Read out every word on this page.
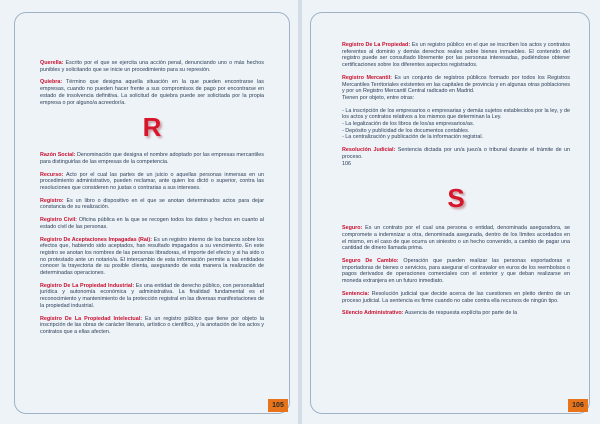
Querella: Escrito por el que se ejercita una acción penal, denunciando uno o más hechos punibles y solicitando que se inicie un procedimiento para su represión.

Quiebra: Término que designa aquella situación en la que pueden encontrarse las empresas, cuando no pueden hacer frente a sus compromisos de pago por encontrarse en estado de insolvencia definitiva. La solicitud de quiebra puede ser solicitada por la propia empresa o por alguno/a acreedor/a.

R

Razón Social: Denominación que designa el nombre adoptado por las empresas mercantiles para distinguirlas de las empresas de la competencia.

Recurso: Acto por el cual las partes de un juicio o aquellas personas inmersas en un procedimiento administrativo, pueden reclamar, ante quien los dictó o superior, contra las resoluciones que consideren no justas o contrarias a sus intereses.

Registro: Es un libro o dispositivo en el que se anotan determinados actos para dejar constancia de su realización.

Registro Civil: Oficina pública en la que se recogen todos los datos y hechos en cuanto al estado civil de las personas.

Registro De Aceptaciones Impagadas (Rai): Es un registro interno de los bancos sobre los efectos que, habiendo sido aceptados, han resultado impagados a su vencimiento. En este registro se anotan los nombres de las personas libradoras, el importe del efecto y si ha sido o no protestado ante un notario/a. El intercambio de esta información permite a las entidades conocer la trayectoria de su posible clienta, asegurando de esta manera la realización de determinadas operaciones.

Registro De La Propiedad Industrial: Es una entidad de derecho público, con personalidad jurídica y autonomía económica y administrativa. La finalidad fundamental es el reconocimiento y mantenimiento de la protección registral en las diversas manifestaciones de la propiedad industrial.

Registro De La Propiedad Intelectual: Es un registro público que tiene por objeto la inscripción de las obras de carácter literario, artístico o científico, y la anotación de los actos y contratos que a ellas afecten.

105

Registro De La Propiedad: Es un registro público en el que se inscriben los actos y contratos referentes al dominio y demás derechos reales sobre bienes inmuebles. El contenido del registro puede ser consultado libremente por las personas interesadas, pudiéndose obtener certificaciones sobre los diferentes aspectos registrados.

Registro Mercantil: Es un conjunto de registros públicos formado por todos los Registros Mercantiles Territoriales existentes en las capitales de provincia y en algunas otras poblaciones y por un Registro Mercantil Central radicado en Madrid.

Tienen por objeto, entre otras:

- La inscripción de los empresarios o empresarias y demás sujetos establecidos por la ley, y de los actos y contratos relativos a los mismos que determinan la Ley.

- La legalización de los libros de los/as empresarios/as.

- Depósito y publicidad de los documentos contables.

- La centralización y publicación de la información registral.

Resolución Judicial: Sentencia dictada por un/a juez/a o tribunal durante el trámite de un proceso.

106

S

Seguro: Es un contrato por el cual una persona o entidad, denominada aseguradora, se compromete a indemnizar a otra, denominada asegurada, dentro de los límites acordados en el mismo, en el caso de que ocurra un siniestro o un hecho convenido, a cambio de pagar una cantidad de dinero llamada prima.

Seguro De Cambio: Operación que pueden realizar las personas exportadoras e importadoras de bienes o servicios, para asegurar el contravalor en euros de los reembolsos o pagos derivados de operaciones comerciales con el exterior y que deban realizarse en moneda extranjera en un futuro inmediato.

Sentencia: Resolución judicial que decide acerca de las cuestiones en pleito dentro de un proceso judicial. La sentencia es firme cuando no cabe contra ella recursos de ningún tipo.

Silencio Administrativo: Ausencia de respuesta explícita por parte de la

106
